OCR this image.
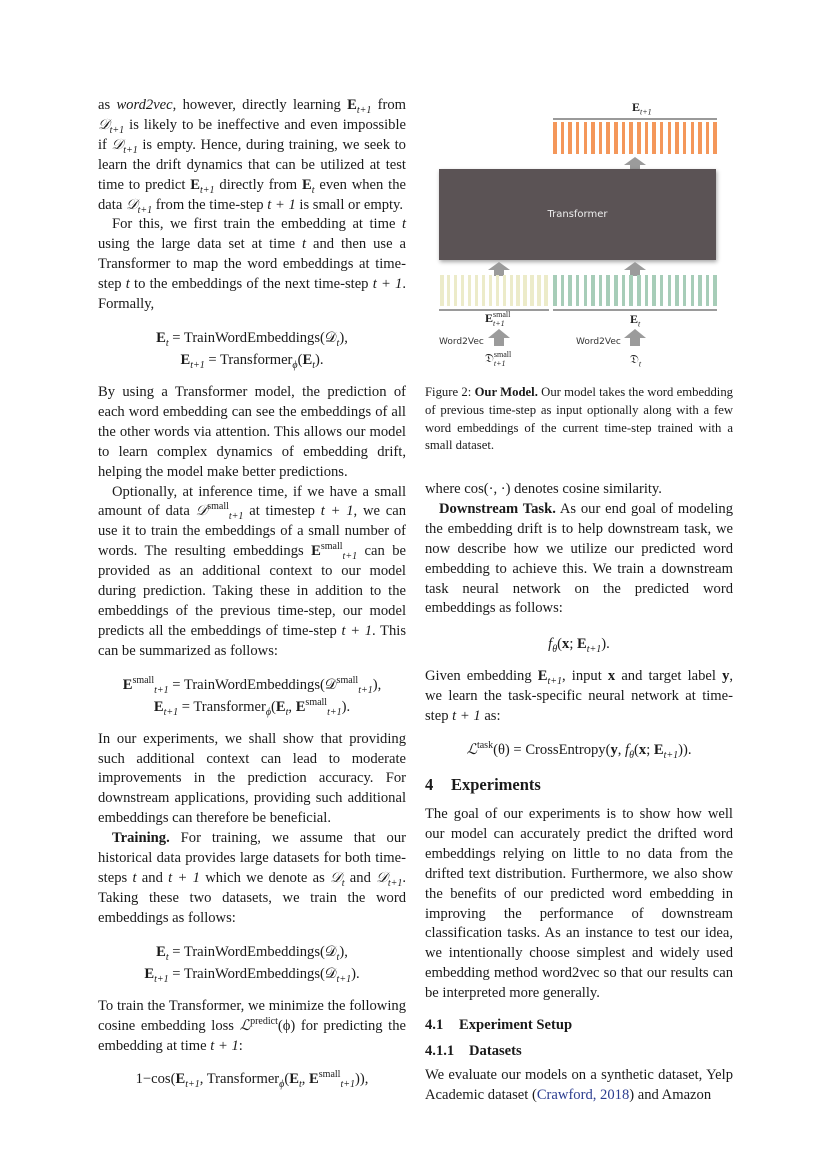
as word2vec, however, directly learning $E_{t+1}$ from 𝒟$_{t+1}$ is likely to be ineffective and even impossible if 𝒟$_{t+1}$ is empty. Hence, during training, we seek to learn the drift dynamics that can be utilized at test time to predict $E_{t+1}$ directly from $E_t$ even when the data 𝒟$_{t+1}$ from the time-step t + 1 is small or empty.

For this, we first train the embedding at time t using the large data set at time t and then use a Transformer to map the word embeddings at time-step t to the embeddings of the next time-step t + 1. Formally,

$E_t$ = TrainWordEmbeddings(𝒟$_t$),
$E_{t+1}$ = $Transformer_\phi(E_t)$.

By using a Transformer model, the prediction of each word embedding can see the embeddings of all the other words via attention. This allows our model to learn complex dynamics of embedding drift, helping the model make better predictions.

Optionally, at inference time, if we have a small amount of data 𝒟$^{small}_{t+1}$ at timestep t + 1, we can use it to train the embeddings of a small number of words. The resulting embeddings $E^{small}_{t+1}$ can be provided as an additional context to our model during prediction. Taking these in addition to the embeddings of the previous time-step, our model predicts all the embeddings of time-step t + 1. This can be summarized as follows:

$E^{small}_{t+1}$ = TrainWordEmbeddings(𝒟$^{small}_{t+1}$),
$E_{t+1}$ = $Transformer_\phi(E_t$, $E^{small}_{t+1}$).

In our experiments, we shall show that providing such additional context can lead to moderate improvements in the prediction accuracy. For downstream applications, providing such additional embeddings can therefore be beneficial.

Training. For training, we assume that our historical data provides large datasets for both time-steps t and t + 1 which we denote as 𝒟$_t$ and 𝒟$_{t+1}$. Taking these two datasets, we train the word embeddings as follows:

$E_t$ = TrainWordEmbeddings(𝒟$_t$),
$E_{t+1}$ = TrainWordEmbeddings(𝒟$_{t+1}$).

To train the Transformer, we minimize the following cosine embedding loss ℒ$^{predict}$(ϕ) for predicting the embedding at time t + 1:

$1-\cos(E_{t+1}$, $Transformer_\phi(E_t$, $E^{small}_{t+1}$)),
$E_{t+1}$
Transformer
E small
t+1	$E_t$
Word2Vec	Word2Vec
𝔇 small
t+1	𝔇$_t$
Figure 2: Our Model. Our model takes the word embedding of previous time-step as input optionally along with a few word embeddings of the current time-step trained with a small dataset.

where cos(·, ·) denotes cosine similarity.

Downstream Task. As our end goal of modeling the embedding drift is to help downstream task, we now describe how we utilize our predicted word embedding to achieve this. We train a downstream task neural network on the predicted word embeddings as follows:

$f_\theta(x$; $E_{t+1}$).

Given embedding $E_{t+1}$, input x and target label y, we learn the task-specific neural network at time-step t + 1 as:

ℒ$^{task}$(θ) = CrossEntropy(y, $f_\theta(x$; $E_{t+1}$)).
4 Experiments

The goal of our experiments is to show how well our model can accurately predict the drifted word embeddings relying on little to no data from the drifted text distribution. Furthermore, we also show the benefits of our predicted word embedding in improving the performance of downstream classification tasks. As an instance to test our idea, we intentionally choose simplest and widely used embedding method word2vec so that our results can be interpreted more generally.

4.1 Experiment Setup
4.1.1 Datasets

We evaluate our models on a synthetic dataset, Yelp Academic dataset (Crawford, 2018) and Amazon
